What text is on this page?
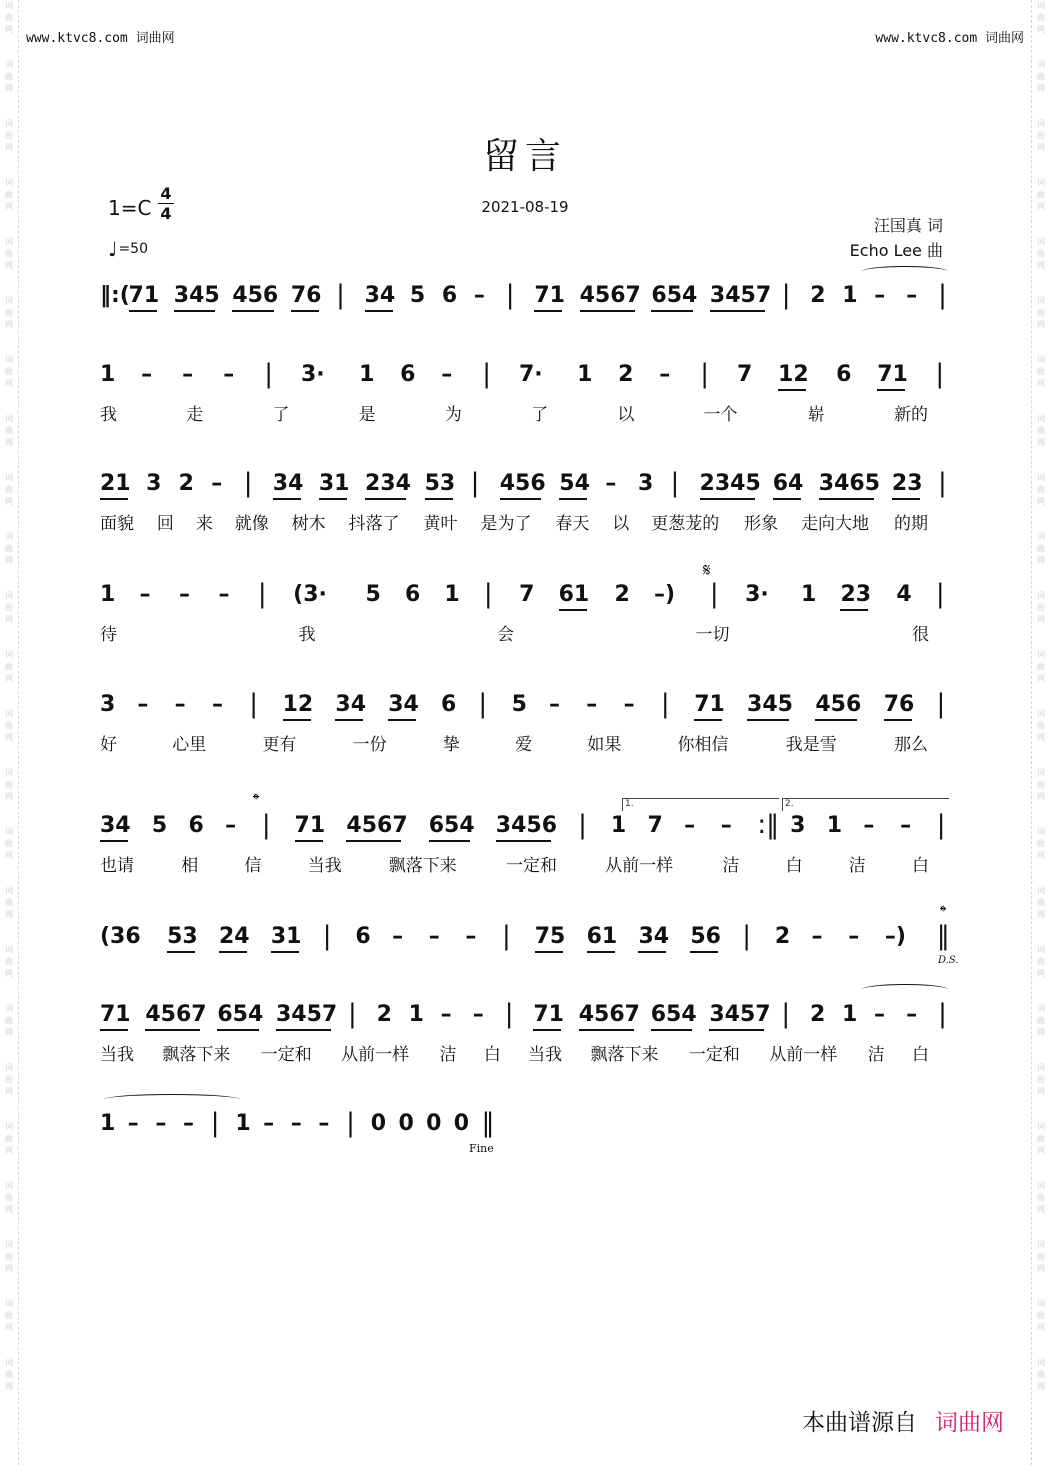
词曲网
词曲网
词曲网
词曲网
词曲网
词曲网
词曲网
词曲网
词曲网
词曲网
词曲网
词曲网
词曲网
词曲网
词曲网
词曲网
词曲网
词曲网
词曲网
词曲网
词曲网
词曲网
词曲网
词曲网
词曲网
词曲网
词曲网
词曲网
词曲网
词曲网
词曲网
词曲网
词曲网
词曲网
词曲网
词曲网
词曲网
词曲网
词曲网
词曲网
词曲网
词曲网
词曲网
词曲网
词曲网
词曲网
词曲网
词曲网
www.ktvc8.com 词曲网	www.ktvc8.com 词曲网
留言
2021-08-19
$1=C \frac{4}{4}$
♩=50
汪国真 词
Echo Lee 曲
‖:(
71 345 456 76 | 34 5 6 – | 71 4567 654 3457 | 2 1 – – |
1 – – – | 3· 1 6 – | 7· 1 2 – | 7 12 6 71 |
我	走	了	是	为	了	以	一个	崭	新的
21 3 2 – | 34 31 234 53 | 456 54 – 3 | 2345 64 3465 23 |
面貌 回 来 就像 树木 抖落了 黄叶 是为了 春天 以 更葱茏的 形象 走向大地 的期
1 – – – | (3· 5 6 1 | 7 61 2 –) | 3· 1 23 4 |
待	我	会	一切	很
3 – – – | 12 34 34 6 | 5 – – – | 71 345 456 76 |
好	心里	更有	一份	挚	爱	如果	你相信	我是雪	那么
34 5 6 – | 71 4567 654 3456 | 1 7 – – :‖ 3 1 – – |
也请	相	信	当我	飘落下来	一定和	从前一样	洁	白	洁	白
(36 53 24 31 | 6 – – – | 75 61 34 56 | 2 – – –) ‖
71 4567 654 3457 | 2 1 – – | 71 4567 654 3457 | 2 1 – – |
当我 飘落下来 一定和 从前一样 洁 白 当我 飘落下来 一定和 从前一样 洁 白
1 – – – | 1 – – – | 0 0 0 0 ‖
1.	2.
𝄋
𝄌
𝄌
D.S.
Fine
本曲谱源自 词曲网
